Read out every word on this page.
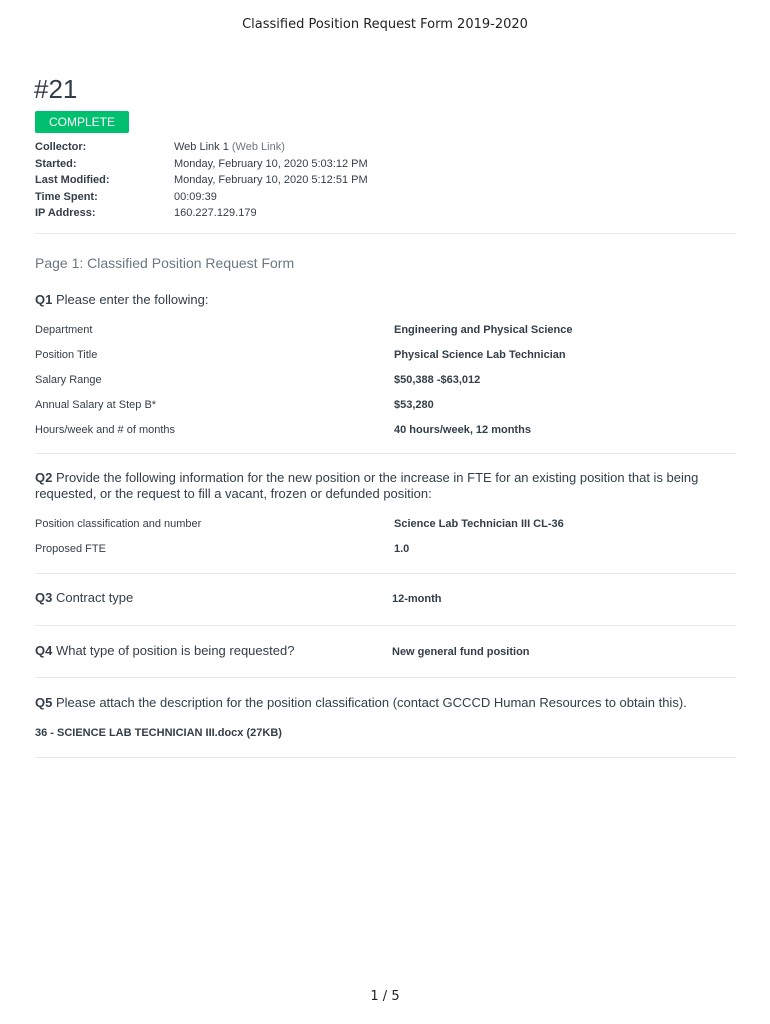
Classified Position Request Form 2019-2020
#21
COMPLETE
Collector:	Web Link 1 (Web Link)
Started:	Monday, February 10, 2020 5:03:12 PM
Last Modified:	Monday, February 10, 2020 5:12:51 PM
Time Spent:	00:09:39
IP Address:	160.227.129.179
Page 1: Classified Position Request Form
Q1 Please enter the following:
Department	Engineering and Physical Science
Position Title	Physical Science Lab Technician
Salary Range	$50,388 -$63,012
Annual Salary at Step B*	$53,280
Hours/week and # of months	40 hours/week, 12 months
Q2 Provide the following information for the new position or the increase in FTE for an existing position that is being requested, or the request to fill a vacant, frozen or defunded position:
Position classification and number	Science Lab Technician III CL-36
Proposed FTE	1.0
Q3 Contract type	12-month
Q4 What type of position is being requested?	New general fund position
Q5 Please attach the description for the position classification (contact GCCCD Human Resources to obtain this).
36 - SCIENCE LAB TECHNICIAN III.docx (27KB)
1 / 5
